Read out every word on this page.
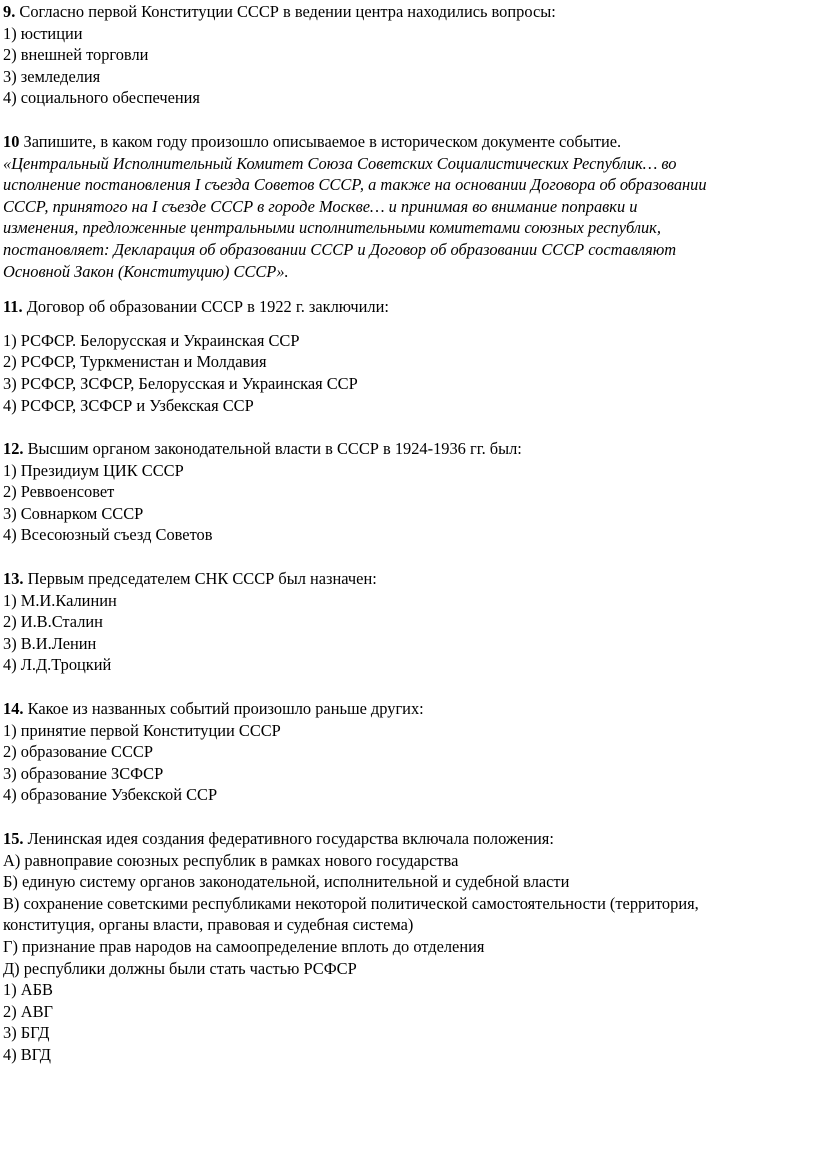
9. Согласно первой Конституции СССР в ведении центра находились вопросы:
1) юстиции
2) внешней торговли
3) земледелия
4) социального обеспечения
10 Запишите, в каком году произошло описываемое в историческом документе событие.
«Центральный Исполнительный Комитет Союза Советских Социалистических Республик… во
исполнение постановления I съезда Советов СССР, а также на основании Договора об образовании
СССР, принятого на I съезде СССР в городе Москве… и принимая во внимание поправки и
изменения, предложенные центральными исполнительными комитетами союзных республик,
постановляет: Декларация об образовании СССР и Договор об образовании СССР составляют
Основной Закон (Конституцию) СССР».
11. Договор об образовании СССР в 1922 г. заключили:
1) РСФСР. Белорусская и Украинская ССР
2) РСФСР, Туркменистан и Молдавия
3) РСФСР, ЗСФСР, Белорусская и Украинская ССР
4) РСФСР, ЗСФСР и Узбекская ССР
12. Высшим органом законодательной власти в СССР в 1924-1936 гг. был:
1) Президиум ЦИК СССР
2) Реввоенсовет
3) Совнарком СССР
4) Всесоюзный съезд Советов
13. Первым председателем СНК СССР был назначен:
1) М.И.Калинин
2) И.В.Сталин
3) В.И.Ленин
4) Л.Д.Троцкий
14. Какое из названных событий произошло раньше других:
1) принятие первой Конституции СССР
2) образование СССР
3) образование ЗСФСР
4) образование Узбекской ССР
15. Ленинская идея создания федеративного государства включала положения:
А) равноправие союзных республик в рамках нового государства
Б) единую систему органов законодательной, исполнительной и судебной власти
В) сохранение советскими республиками некоторой политической самостоятельности (территория,
конституция, органы власти, правовая и судебная система)
Г) признание прав народов на самоопределение вплоть до отделения
Д) республики должны были стать частью РСФСР
1) АБВ
2) АВГ
3) БГД
4) ВГД
